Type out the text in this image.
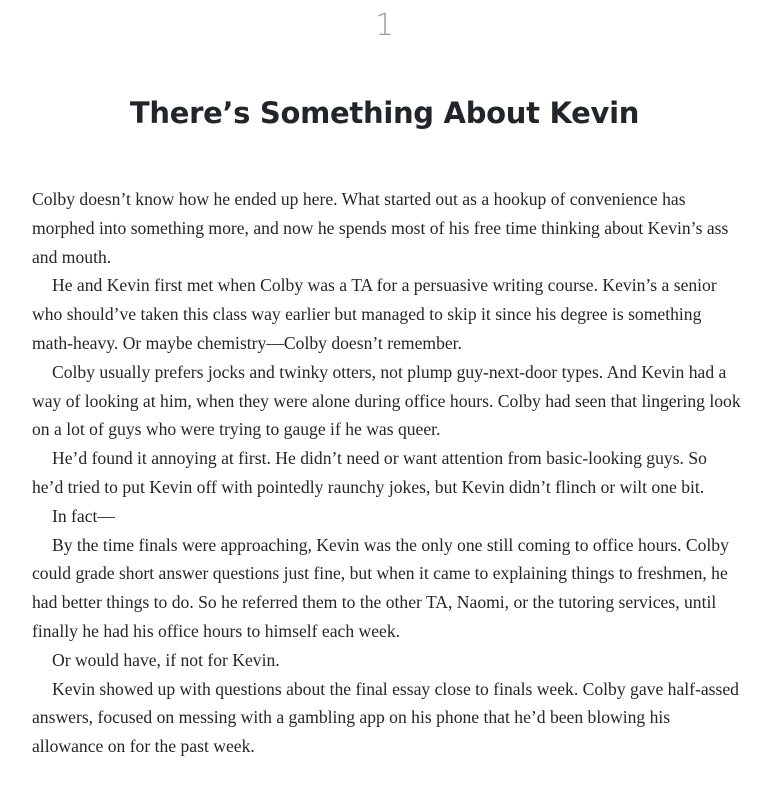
1
There’s Something About Kevin

Colby doesn’t know how he ended up here. What started out as a hookup of convenience has morphed into something more, and now he spends most of his free time thinking about Kevin’s ass and mouth.

He and Kevin first met when Colby was a TA for a persuasive writing course. Kevin’s a senior who should’ve taken this class way earlier but managed to skip it since his degree is something math-heavy. Or maybe chemistry—Colby doesn’t remember.

Colby usually prefers jocks and twinky otters, not plump guy-next-door types. And Kevin had a way of looking at him, when they were alone during office hours. Colby had seen that lingering look on a lot of guys who were trying to gauge if he was queer.

He’d found it annoying at first. He didn’t need or want attention from basic-looking guys. So he’d tried to put Kevin off with pointedly raunchy jokes, but Kevin didn’t flinch or wilt one bit.

In fact—

By the time finals were approaching, Kevin was the only one still coming to office hours. Colby could grade short answer questions just fine, but when it came to explaining things to freshmen, he had better things to do. So he referred them to the other TA, Naomi, or the tutoring services, until finally he had his office hours to himself each week.

Or would have, if not for Kevin.

Kevin showed up with questions about the final essay close to finals week. Colby gave half-assed answers, focused on messing with a gambling app on his phone that he’d been blowing his allowance on for the past week.
